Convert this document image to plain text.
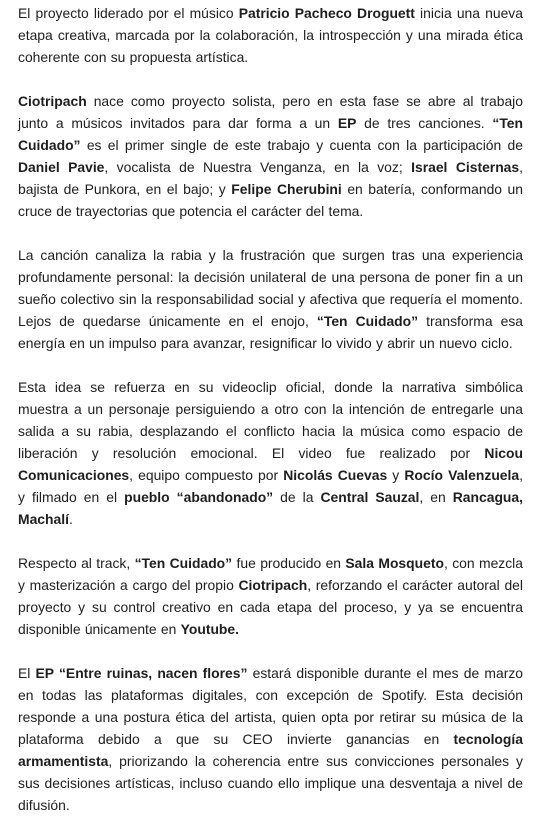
El proyecto liderado por el músico Patricio Pacheco Droguett inicia una nueva etapa creativa, marcada por la colaboración, la introspección y una mirada ética coherente con su propuesta artística.

Ciotripach nace como proyecto solista, pero en esta fase se abre al trabajo junto a músicos invitados para dar forma a un EP de tres canciones. “Ten Cuidado” es el primer single de este trabajo y cuenta con la participación de Daniel Pavie, vocalista de Nuestra Venganza, en la voz; Israel Cisternas, bajista de Punkora, en el bajo; y Felipe Cherubini en batería, conformando un cruce de trayectorias que potencia el carácter del tema.

La canción canaliza la rabia y la frustración que surgen tras una experiencia profundamente personal: la decisión unilateral de una persona de poner fin a un sueño colectivo sin la responsabilidad social y afectiva que requería el momento. Lejos de quedarse únicamente en el enojo, “Ten Cuidado” transforma esa energía en un impulso para avanzar, resignificar lo vivido y abrir un nuevo ciclo.

Esta idea se refuerza en su videoclip oficial, donde la narrativa simbólica muestra a un personaje persiguiendo a otro con la intención de entregarle una salida a su rabia, desplazando el conflicto hacia la música como espacio de liberación y resolución emocional. El video fue realizado por Nicou Comunicaciones, equipo compuesto por Nicolás Cuevas y Rocío Valenzuela, y filmado en el pueblo “abandonado” de la Central Sauzal, en Rancagua, Machalí.

Respecto al track, “Ten Cuidado” fue producido en Sala Mosqueto, con mezcla y masterización a cargo del propio Ciotripach, reforzando el carácter autoral del proyecto y su control creativo en cada etapa del proceso, y ya se encuentra disponible únicamente en Youtube.

El EP “Entre ruinas, nacen flores” estará disponible durante el mes de marzo en todas las plataformas digitales, con excepción de Spotify. Esta decisión responde a una postura ética del artista, quien opta por retirar su música de la plataforma debido a que su CEO invierte ganancias en tecnología armamentista, priorizando la coherencia entre sus convicciones personales y sus decisiones artísticas, incluso cuando ello implique una desventaja a nivel de difusión.
